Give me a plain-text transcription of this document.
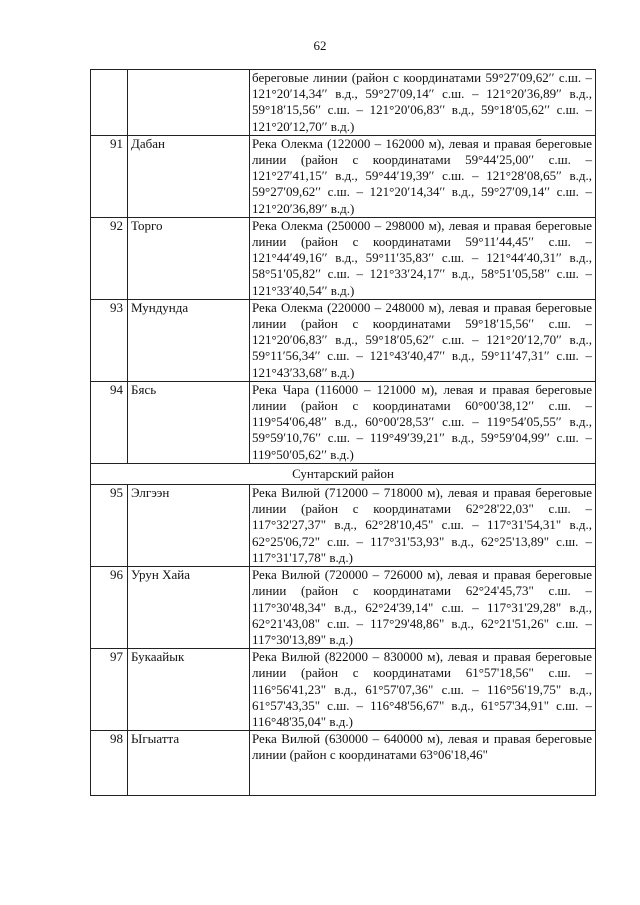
62
		береговые линии (район с координатами 59°27′09,62′′ с.ш. – 121°20′14,34′′ в.д., 59°27′09,14′′ с.ш. – 121°20′36,89′′ в.д., 59°18′15,56′′ с.ш. – 121°20′06,83′′ в.д., 59°18′05,62′′ с.ш. – 121°20′12,70′′ в.д.)
91	Дабан	Река Олекма (122000 – 162000 м), левая и правая береговые линии (район с координатами 59°44′25,00′′ с.ш. – 121°27′41,15′′ в.д., 59°44′19,39′′ с.ш. – 121°28′08,65′′ в.д., 59°27′09,62′′ с.ш. – 121°20′14,34′′ в.д., 59°27′09,14′′ с.ш. – 121°20′36,89′′ в.д.)
92	Торго	Река Олекма (250000 – 298000 м), левая и правая береговые линии (район с координатами 59°11′44,45′′ с.ш. – 121°44′49,16′′ в.д., 59°11′35,83′′ с.ш. – 121°44′40,31′′ в.д., 58°51′05,82′′ с.ш. – 121°33′24,17′′ в.д., 58°51′05,58′′ с.ш. – 121°33′40,54′′ в.д.)
93	Мундунда	Река Олекма (220000 – 248000 м), левая и правая береговые линии (район с координатами 59°18′15,56′′ с.ш. – 121°20′06,83′′ в.д., 59°18′05,62′′ с.ш. – 121°20′12,70′′ в.д., 59°11′56,34′′ с.ш. – 121°43′40,47′′ в.д., 59°11′47,31′′ с.ш. – 121°43′33,68′′ в.д.)
94	Бясь	Река Чара (116000 – 121000 м), левая и правая береговые линии (район с координатами 60°00′38,12′′ с.ш. – 119°54′06,48′′ в.д., 60°00′28,53′′ с.ш. – 119°54′05,55′′ в.д., 59°59′10,76′′ с.ш. – 119°49′39,21′′ в.д., 59°59′04,99′′ с.ш. – 119°50′05,62′′ в.д.)
Сунтарский район		
95	Элгээн	Река Вилюй (712000 – 718000 м), левая и правая береговые линии (район с координатами 62°28'22,03" с.ш. – 117°32'27,37" в.д., 62°28'10,45" с.ш. – 117°31'54,31" в.д., 62°25'06,72" с.ш. – 117°31'53,93" в.д., 62°25'13,89" с.ш. – 117°31'17,78" в.д.)
96	Урун Хайа	Река Вилюй (720000 – 726000 м), левая и правая береговые линии (район с координатами 62°24'45,73" с.ш. – 117°30'48,34" в.д., 62°24'39,14" с.ш. – 117°31'29,28" в.д., 62°21'43,08" с.ш. – 117°29'48,86" в.д., 62°21'51,26" с.ш. – 117°30'13,89" в.д.)
97	Букаайык	Река Вилюй (822000 – 830000 м), левая и правая береговые линии (район с координатами 61°57'18,56" с.ш. – 116°56'41,23" в.д., 61°57'07,36" с.ш. – 116°56'19,75" в.д., 61°57'43,35" с.ш. – 116°48'56,67" в.д., 61°57'34,91" с.ш. – 116°48'35,04" в.д.)
98	Ыгыатта	Река Вилюй (630000 – 640000 м), левая и правая береговые линии (район с координатами 63°06'18,46"
